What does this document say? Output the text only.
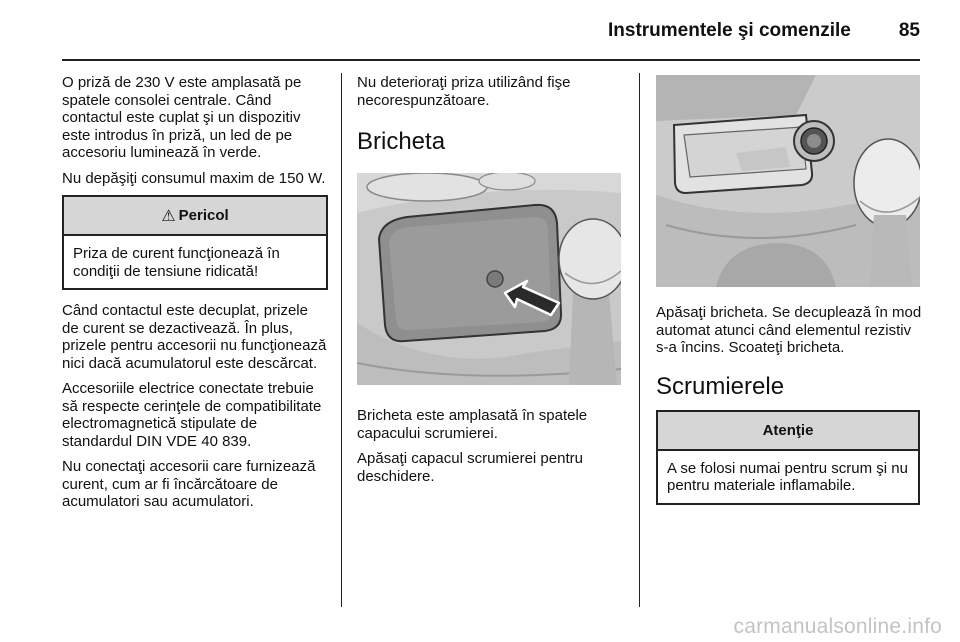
Instrumentele şi comenzile	85

O priză de 230 V este amplasată pe spatele consolei centrale. Când contactul este cuplat şi un dispozitiv este introdus în priză, un led de pe accesoriu luminează în verde.

Nu depăşiţi consumul maxim de 150 W.

⚠ Pericol
Priza de curent funcţionează în condiţii de tensiune ridicată!

Când contactul este decuplat, prizele de curent se dezactivează. În plus, prizele pentru accesorii nu funcţionează nici dacă acumulatorul este descărcat.

Accesoriile electrice conectate trebuie să respecte cerinţele de compatibilitate electromagnetică stipulate de standardul DIN VDE 40 839.

Nu conectaţi accesorii care furnizează curent, cum ar fi încărcătoare de acumulatori sau acumulatori.

Nu deterioraţi priza utilizând fişe necorespunzătoare.

Bricheta

Bricheta este amplasată în spatele capacului scrumierei.

Apăsaţi capacul scrumierei pentru deschidere.

Apăsaţi bricheta. Se decuplează în mod automat atunci când elementul rezistiv s-a încins. Scoateţi bricheta.

Scrumierele
Atenţie
A se folosi numai pentru scrum şi nu pentru materiale inflamabile.
carmanualsonline.info
